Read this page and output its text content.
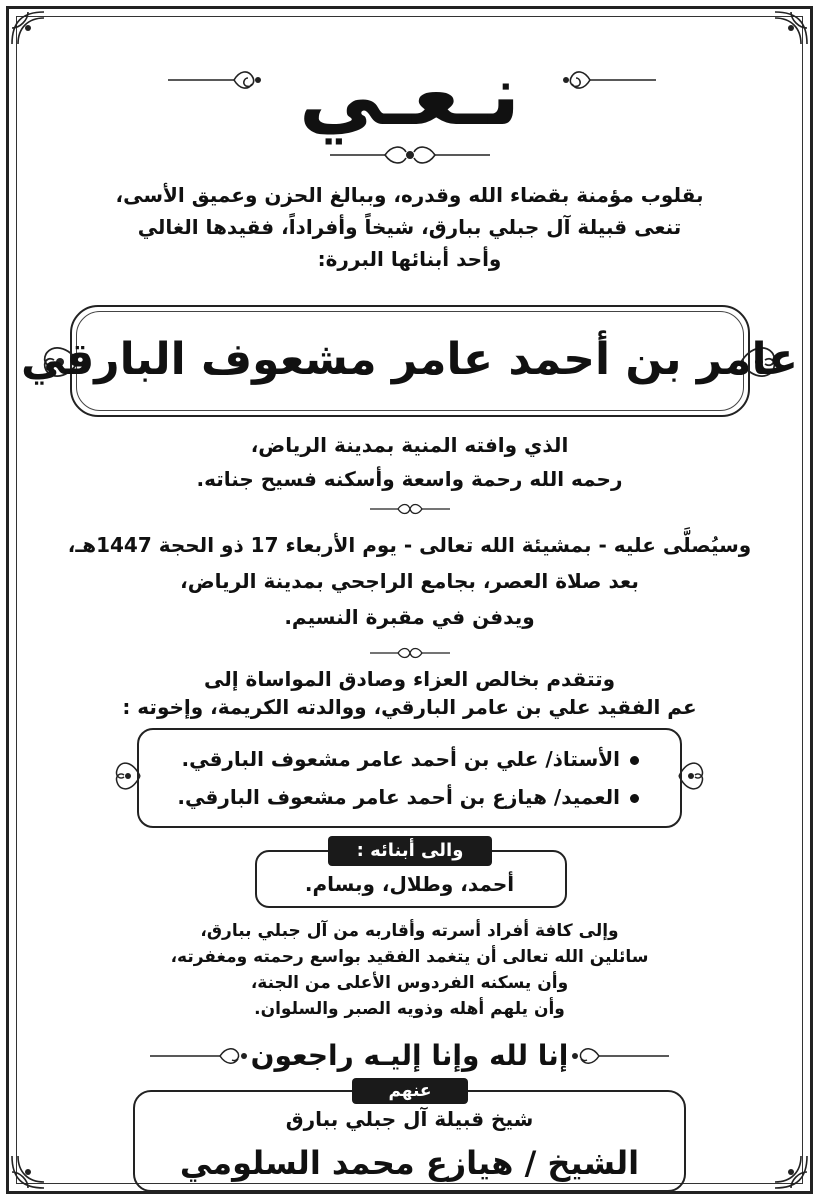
نـعـي
بقلوب مؤمنة بقضاء الله وقدره، وببالغ الحزن وعميق الأسى،
تنعى قبيلة آل جبلي ببارق، شيخاً وأفراداً، فقيدها الغالي
وأحد أبنائها البررة:
عامر بن أحمد عامر مشعوف البارقي
الذي وافته المنية بمدينة الرياض،
رحمه الله رحمة واسعة وأسكنه فسيح جناته.
وسيُصلَّى عليه - بمشيئة الله تعالى - يوم الأربعاء 17 ذو الحجة 1447هـ،
بعد صلاة العصر، بجامع الراجحي بمدينة الرياض،
ويدفن في مقبرة النسيم.
وتتقدم بخالص العزاء وصادق المواساة إلى
عم الفقيد علي بن عامر البارقي، ووالدته الكريمة، وإخوته :
الأستاذ/ علي بن أحمد عامر مشعوف البارقي.
العميد/ هيازع بن أحمد عامر مشعوف البارقي.
والى أبنائه :
أحمد، وطلال، وبسام.
وإلى كافة أفراد أسرته وأقاربه من آل جبلي ببارق،
سائلين الله تعالى أن يتغمد الفقيد بواسع رحمته ومغفرته،
وأن يسكنه الفردوس الأعلى من الجنة،
وأن يلهم أهله وذويه الصبر والسلوان.
إنا لله وإنا إليـه راجعون
عنهم
شيخ قبيلة آل جبلي ببارق
الشيخ / هيازع محمد السلومي
